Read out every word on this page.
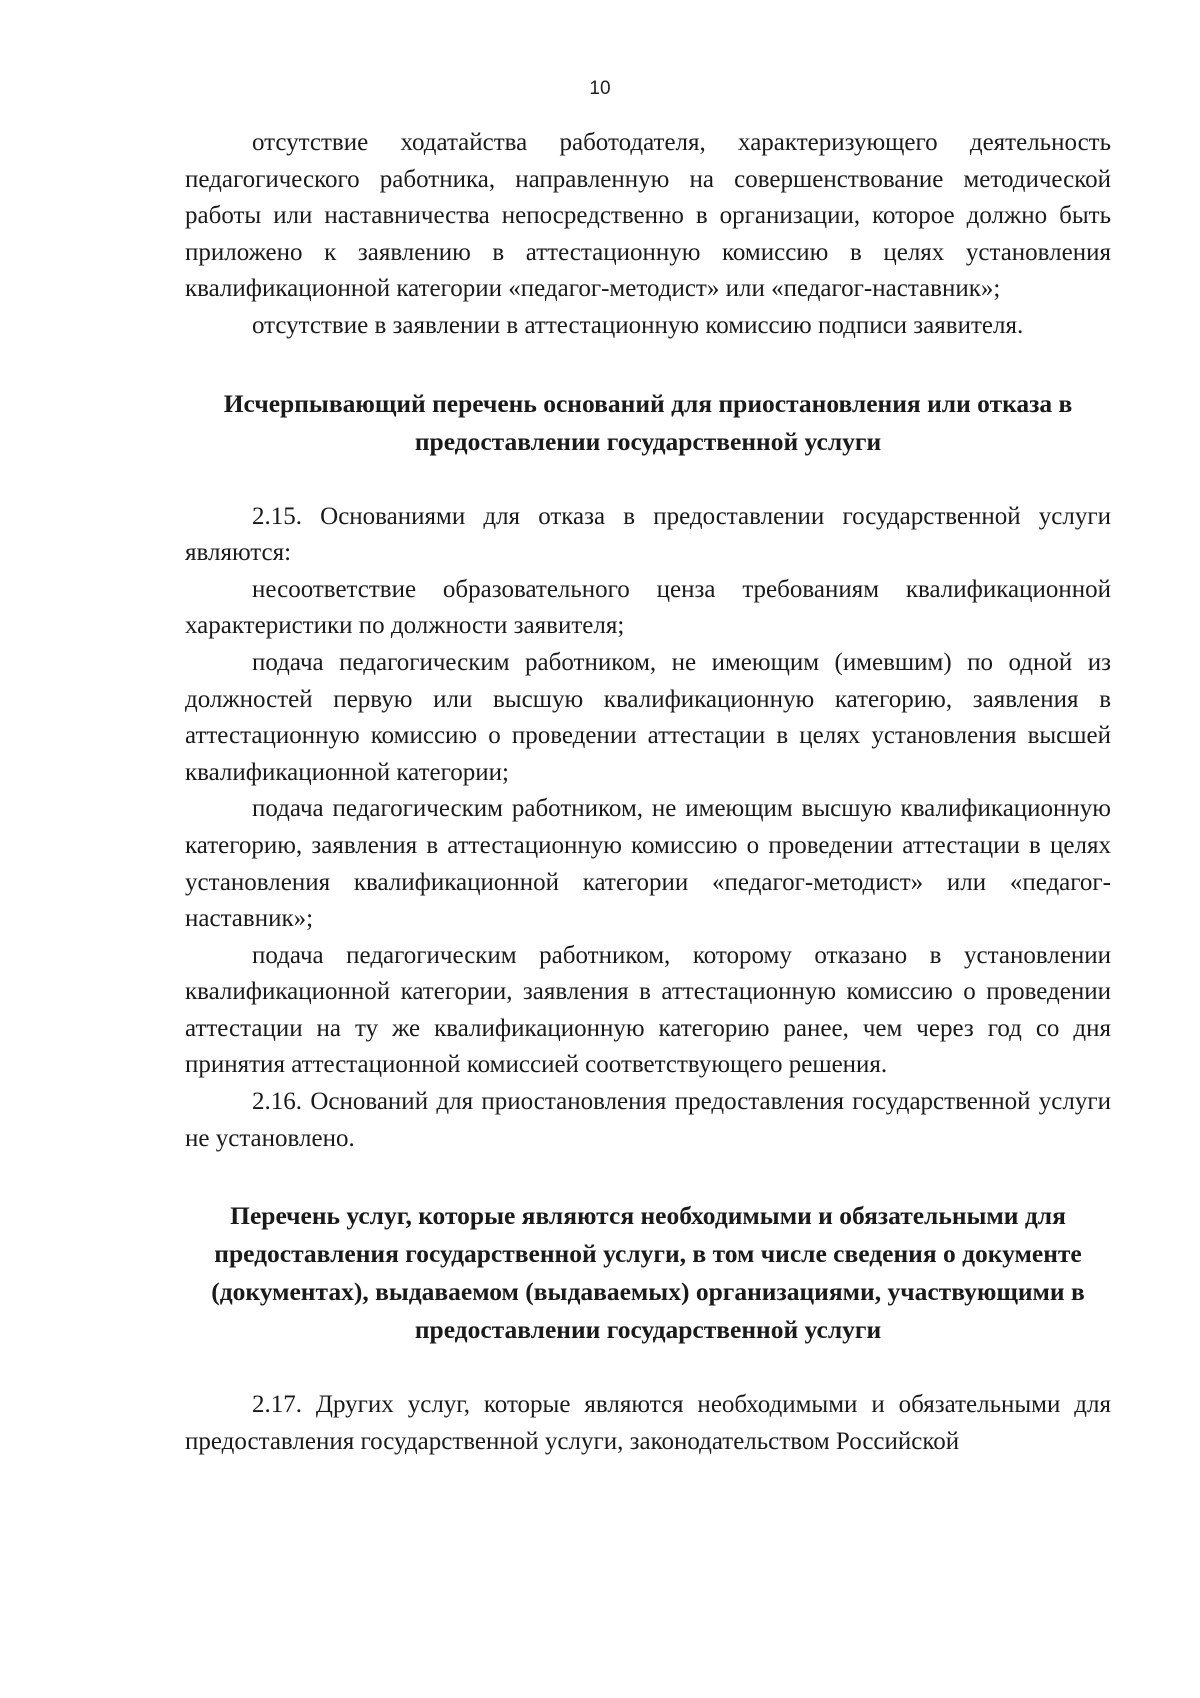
10

отсутствие ходатайства работодателя, характеризующего деятельность педагогического работника, направленную на совершенствование методической работы или наставничества непосредственно в организации, которое должно быть приложено к заявлению в аттестационную комиссию в целях установления квалификационной категории «педагог-методист» или «педагог-наставник»;

отсутствие в заявлении в аттестационную комиссию подписи заявителя.

Исчерпывающий перечень оснований для приостановления или отказа в предоставлении государственной услуги

2.15. Основаниями для отказа в предоставлении государственной услуги являются:

несоответствие образовательного ценза требованиям квалификационной характеристики по должности заявителя;

подача педагогическим работником, не имеющим (имевшим) по одной из должностей первую или высшую квалификационную категорию, заявления в аттестационную комиссию о проведении аттестации в целях установления высшей квалификационной категории;

подача педагогическим работником, не имеющим высшую квалификационную категорию, заявления в аттестационную комиссию о проведении аттестации в целях установления квалификационной категории «педагог-методист» или «педагог-наставник»;

подача педагогическим работником, которому отказано в установлении квалификационной категории, заявления в аттестационную комиссию о проведении аттестации на ту же квалификационную категорию ранее, чем через год со дня принятия аттестационной комиссией соответствующего решения.

2.16. Оснований для приостановления предоставления государственной услуги не установлено.

Перечень услуг, которые являются необходимыми и обязательными для предоставления государственной услуги, в том числе сведения о документе (документах), выдаваемом (выдаваемых) организациями, участвующими в предоставлении государственной услуги

2.17. Других услуг, которые являются необходимыми и обязательными для предоставления государственной услуги, законодательством Российской
